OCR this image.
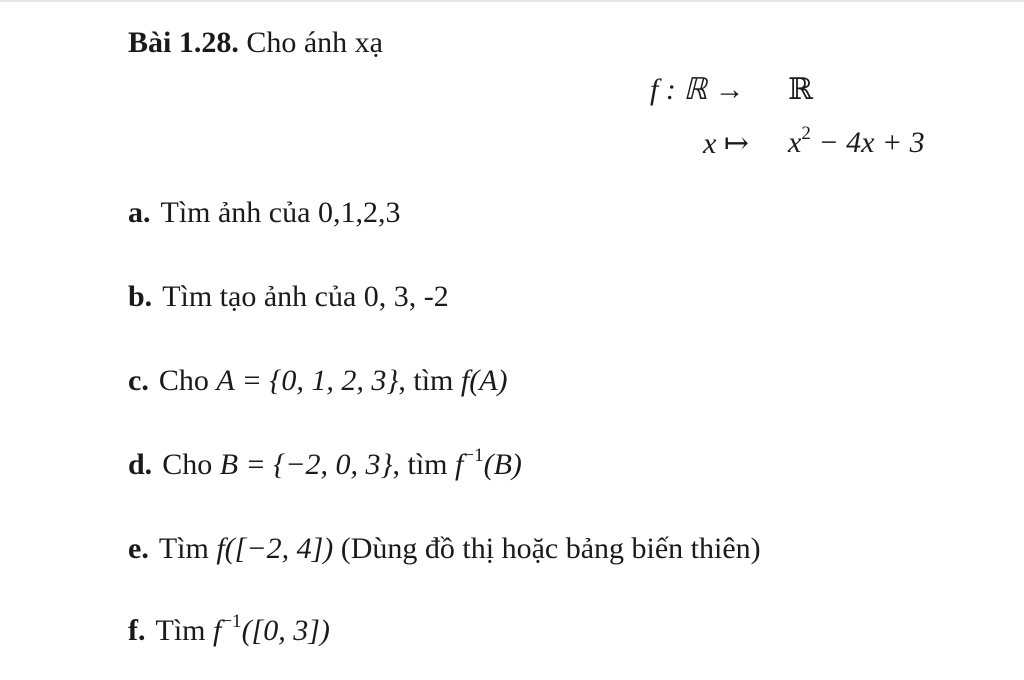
Bài 1.28. Cho ánh xạ
f : ℝ → ℝ
x ↦ $x^2 - 4x + 3$
a. Tìm ảnh của 0,1,2,3
b. Tìm tạo ảnh của 0, 3, -2
c. Cho A = {0, 1, 2, 3}, tìm f(A)
d. Cho B = {−2, 0, 3}, tìm $f^{-1}(B)$
e. Tìm f([−2, 4]) (Dùng đồ thị hoặc bảng biến thiên)
f. Tìm $f^{-1}([0$, 3])
